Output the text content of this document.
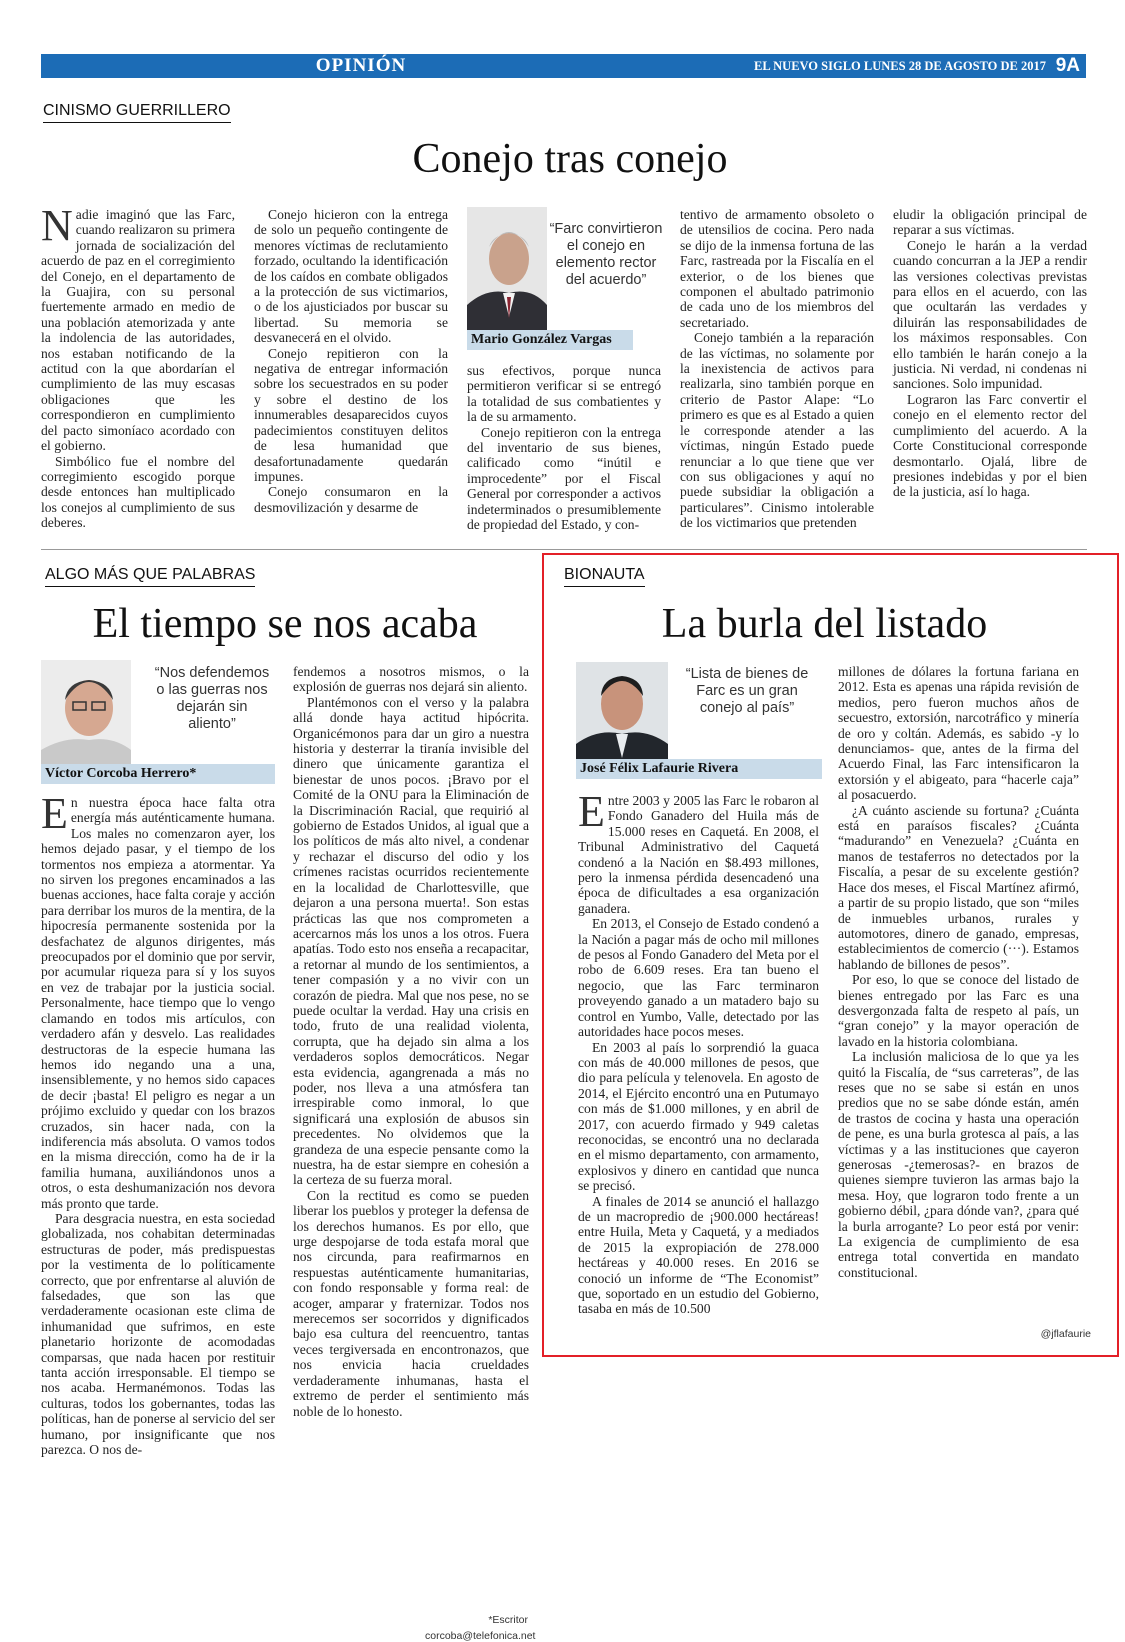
OPINIÓN	EL NUEVO SIGLO LUNES 28 DE AGOSTO DE 2017 9A
CINISMO GUERRILLERO
Conejo tras conejo

Nadie imaginó que las Farc, cuando realizaron su primera jornada de socialización del acuerdo de paz en el corregimiento del Conejo, en el departamento de la Guajira, con su personal fuertemente armado en medio de una población atemorizada y ante la indolencia de las autoridades, nos estaban notificando de la actitud con la que abordarían el cumplimiento de las muy escasas obligaciones que les correspondieron en cumplimiento del pacto simoníaco acordado con el gobierno.

Simbólico fue el nombre del corregimiento escogido porque desde entonces han multiplicado los conejos al cumplimiento de sus deberes.

Conejo hicieron con la entrega de solo un pequeño contingente de menores víctimas de reclutamiento forzado, ocultando la identificación de los caídos en combate obligados a la protección de sus victimarios, o de los ajusticiados por buscar su libertad. Su memoria se desvanecerá en el olvido.

Conejo repitieron con la negativa de entregar información sobre los secuestrados en su poder y sobre el destino de los innumerables desaparecidos cuyos padecimientos constituyen delitos de lesa humanidad que desafortunadamente quedarán impunes.

Conejo consumaron en la desmovilización y desarme de

“Farc convirtieron el conejo en elemento rector del acuerdo”
Mario González Vargas

sus efectivos, porque nunca permitieron verificar si se entregó la totalidad de sus combatientes y la de su armamento.

Conejo repitieron con la entrega del inventario de sus bienes, calificado como “inútil e improcedente” por el Fiscal General por corresponder a activos indeterminados o presumiblemente de propiedad del Estado, y con-

tentivo de armamento obsoleto o de utensilios de cocina. Pero nada se dijo de la inmensa fortuna de las Farc, rastreada por la Fiscalía en el exterior, o de los bienes que componen el abultado patrimonio de cada uno de los miembros del secretariado.

Conejo también a la reparación de las víctimas, no solamente por la inexistencia de activos para realizarla, sino también porque en criterio de Pastor Alape: “Lo primero es que es al Estado a quien le corresponde atender a las víctimas, ningún Estado puede renunciar a lo que tiene que ver con sus obligaciones y aquí no puede subsidiar la obligación a particulares”. Cinismo intolerable de los victimarios que pretenden

eludir la obligación principal de reparar a sus víctimas.

Conejo le harán a la verdad cuando concurran a la JEP a rendir las versiones colectivas previstas para ellos en el acuerdo, con las que ocultarán las verdades y diluirán las responsabilidades de los máximos responsables. Con ello también le harán conejo a la justicia. Ni verdad, ni condenas ni sanciones. Solo impunidad.

Lograron las Farc convertir el conejo en el elemento rector del cumplimiento del acuerdo. A la Corte Constitucional corresponde desmontarlo. Ojalá, libre de presiones indebidas y por el bien de la justicia, así lo haga.

ALGO MÁS QUE PALABRAS
El tiempo se nos acaba
“Nos defendemos o las guerras nos dejarán sin aliento”
Víctor Corcoba Herrero*

En nuestra época hace falta otra energía más auténticamente humana. Los males no comenzaron ayer, los hemos dejado pasar, y el tiempo de los tormentos nos empieza a atormentar. Ya no sirven los pregones encaminados a las buenas acciones, hace falta coraje y acción para derribar los muros de la mentira, de la hipocresía permanente sostenida por la desfachatez de algunos dirigentes, más preocupados por el dominio que por servir, por acumular riqueza para sí y los suyos en vez de trabajar por la justicia social. Personalmente, hace tiempo que lo vengo clamando en todos mis artículos, con verdadero afán y desvelo. Las realidades destructoras de la especie humana las hemos ido negando una a una, insensiblemente, y no hemos sido capaces de decir ¡basta! El peligro es negar a un prójimo excluido y quedar con los brazos cruzados, sin hacer nada, con la indiferencia más absoluta. O vamos todos en la misma dirección, como ha de ir la familia humana, auxiliándonos unos a otros, o esta deshumanización nos devora más pronto que tarde.

Para desgracia nuestra, en esta sociedad globalizada, nos cohabitan determinadas estructuras de poder, más predispuestas por la vestimenta de lo políticamente correcto, que por enfrentarse al aluvión de falsedades, que son las que verdaderamente ocasionan este clima de inhumanidad que sufrimos, en este planetario horizonte de acomodadas comparsas, que nada hacen por restituir tanta acción irresponsable. El tiempo se nos acaba. Hermanémonos. Todas las culturas, todos los gobernantes, todas las políticas, han de ponerse al servicio del ser humano, por insignificante que nos parezca. O nos de-

fendemos a nosotros mismos, o la explosión de guerras nos dejará sin aliento.

Plantémonos con el verso y la palabra allá donde haya actitud hipócrita. Organicémonos para dar un giro a nuestra historia y desterrar la tiranía invisible del dinero que únicamente garantiza el bienestar de unos pocos. ¡Bravo por el Comité de la ONU para la Eliminación de la Discriminación Racial, que requirió al gobierno de Estados Unidos, al igual que a los políticos de más alto nivel, a condenar y rechazar el discurso del odio y los crímenes racistas ocurridos recientemente en la localidad de Charlottesville, que dejaron a una persona muerta!. Son estas prácticas las que nos comprometen a acercarnos más los unos a los otros. Fuera apatías. Todo esto nos enseña a recapacitar, a retornar al mundo de los sentimientos, a tener compasión y a no vivir con un corazón de piedra. Mal que nos pese, no se puede ocultar la verdad. Hay una crisis en todo, fruto de una realidad violenta, corrupta, que ha dejado sin alma a los verdaderos soplos democráticos. Negar esta evidencia, agangrenada a más no poder, nos lleva a una atmósfera tan irrespirable como inmoral, lo que significará una explosión de abusos sin precedentes. No olvidemos que la grandeza de una especie pensante como la nuestra, ha de estar siempre en cohesión a la certeza de su fuerza moral.

Con la rectitud es como se pueden liberar los pueblos y proteger la defensa de los derechos humanos. Es por ello, que urge despojarse de toda estafa moral que nos circunda, para reafirmarnos en respuestas auténticamente humanitarias, con fondo responsable y forma real: de acoger, amparar y fraternizar. Todos nos merecemos ser socorridos y dignificados bajo esa cultura del reencuentro, tantas veces tergiversada en encontronazos, que nos envicia hacia crueldades verdaderamente inhumanas, hasta el extremo de perder el sentimiento más noble de lo honesto.

*Escritor
corcoba@telefonica.net
BIONAUTA
La burla del listado
“Lista de bienes de Farc es un gran conejo al país”
José Félix Lafaurie Rivera

Entre 2003 y 2005 las Farc le robaron al Fondo Ganadero del Huila más de 15.000 reses en Caquetá. En 2008, el Tribunal Administrativo del Caquetá condenó a la Nación en $8.493 millones, pero la inmensa pérdida desencadenó una época de dificultades a esa organización ganadera.

En 2013, el Consejo de Estado condenó a la Nación a pagar más de ocho mil millones de pesos al Fondo Ganadero del Meta por el robo de 6.609 reses. Era tan bueno el negocio, que las Farc terminaron proveyendo ganado a un matadero bajo su control en Yumbo, Valle, detectado por las autoridades hace pocos meses.

En 2003 al país lo sorprendió la guaca con más de 40.000 millones de pesos, que dio para película y telenovela. En agosto de 2014, el Ejército encontró una en Putumayo con más de $1.000 millones, y en abril de 2017, con acuerdo firmado y 949 caletas reconocidas, se encontró una no declarada en el mismo departamento, con armamento, explosivos y dinero en cantidad que nunca se precisó.

A finales de 2014 se anunció el hallazgo de un macropredio de ¡900.000 hectáreas! entre Huila, Meta y Caquetá, y a mediados de 2015 la expropiación de 278.000 hectáreas y 40.000 reses. En 2016 se conoció un informe de “The Economist” que, soportado en un estudio del Gobierno, tasaba en más de 10.500

millones de dólares la fortuna fariana en 2012. Esta es apenas una rápida revisión de medios, pero fueron muchos años de secuestro, extorsión, narcotráfico y minería de oro y coltán. Además, es sabido -y lo denunciamos- que, antes de la firma del Acuerdo Final, las Farc intensificaron la extorsión y el abigeato, para “hacerle caja” al posacuerdo.

¿A cuánto asciende su fortuna? ¿Cuánta está en paraísos fiscales? ¿Cuánta “madurando” en Venezuela? ¿Cuánta en manos de testaferros no detectados por la Fiscalía, a pesar de su excelente gestión? Hace dos meses, el Fiscal Martínez afirmó, a partir de su propio listado, que son “miles de inmuebles urbanos, rurales y automotores, dinero de ganado, empresas, establecimientos de comercio (···). Estamos hablando de billones de pesos”.

Por eso, lo que se conoce del listado de bienes entregado por las Farc es una desvergonzada falta de respeto al país, un “gran conejo” y la mayor operación de lavado en la historia colombiana.

La inclusión maliciosa de lo que ya les quitó la Fiscalía, de “sus carreteras”, de las reses que no se sabe si están en unos predios que no se sabe dónde están, amén de trastos de cocina y hasta una operación de pene, es una burla grotesca al país, a las víctimas y a las instituciones que cayeron generosas -¿temerosas?- en brazos de quienes siempre tuvieron las armas bajo la mesa. Hoy, que lograron todo frente a un gobierno débil, ¿para dónde van?, ¿para qué la burla arrogante? Lo peor está por venir: La exigencia de cumplimiento de esa entrega total convertida en mandato constitucional.

@jflafaurie
